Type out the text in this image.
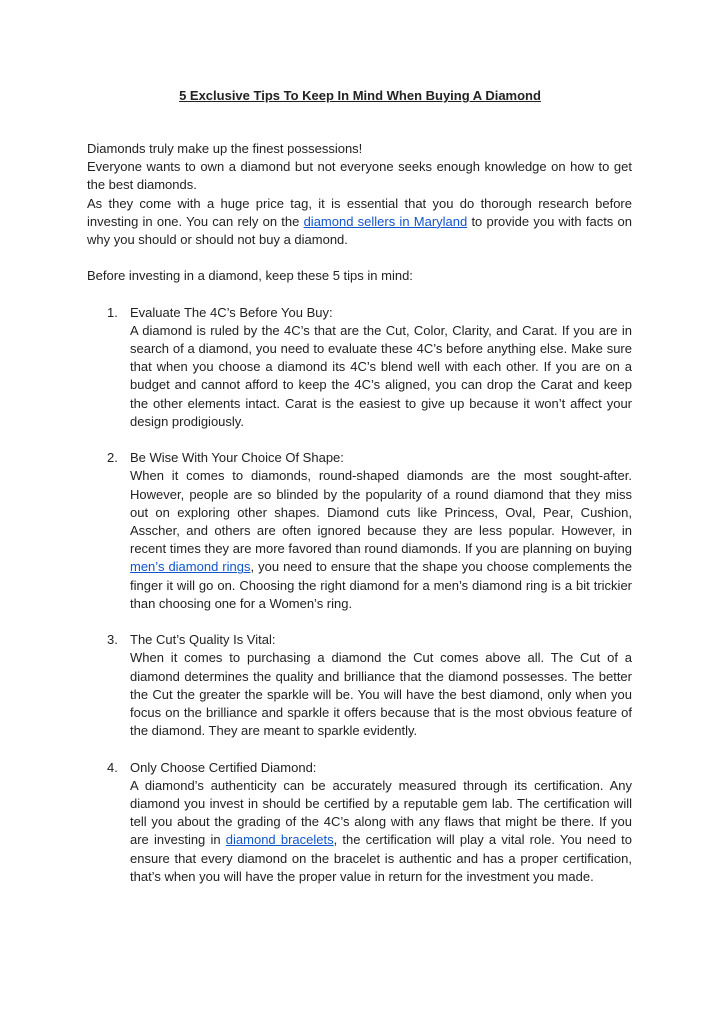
5 Exclusive Tips To Keep In Mind When Buying A Diamond

Diamonds truly make up the finest possessions!

Everyone wants to own a diamond but not everyone seeks enough knowledge on how to get the best diamonds.

As they come with a huge price tag, it is essential that you do thorough research before investing in one. You can rely on the diamond sellers in Maryland to provide you with facts on why you should or should not buy a diamond.

Before investing in a diamond, keep these 5 tips in mind:

1. Evaluate The 4C’s Before You Buy:
A diamond is ruled by the 4C’s that are the Cut, Color, Clarity, and Carat. If you are in search of a diamond, you need to evaluate these 4C’s before anything else. Make sure that when you choose a diamond its 4C’s blend well with each other. If you are on a budget and cannot afford to keep the 4C’s aligned, you can drop the Carat and keep the other elements intact. Carat is the easiest to give up because it won’t affect your design prodigiously.
2. Be Wise With Your Choice Of Shape:
When it comes to diamonds, round-shaped diamonds are the most sought-after. However, people are so blinded by the popularity of a round diamond that they miss out on exploring other shapes. Diamond cuts like Princess, Oval, Pear, Cushion, Asscher, and others are often ignored because they are less popular. However, in recent times they are more favored than round diamonds. If you are planning on buying men’s diamond rings, you need to ensure that the shape you choose complements the finger it will go on. Choosing the right diamond for a men’s diamond ring is a bit trickier than choosing one for a Women’s ring.
3. The Cut’s Quality Is Vital:
When it comes to purchasing a diamond the Cut comes above all. The Cut of a diamond determines the quality and brilliance that the diamond possesses. The better the Cut the greater the sparkle will be. You will have the best diamond, only when you focus on the brilliance and sparkle it offers because that is the most obvious feature of the diamond. They are meant to sparkle evidently.
4. Only Choose Certified Diamond:
A diamond’s authenticity can be accurately measured through its certification. Any diamond you invest in should be certified by a reputable gem lab. The certification will tell you about the grading of the 4C’s along with any flaws that might be there. If you are investing in diamond bracelets, the certification will play a vital role. You need to ensure that every diamond on the bracelet is authentic and has a proper certification, that’s when you will have the proper value in return for the investment you made.
